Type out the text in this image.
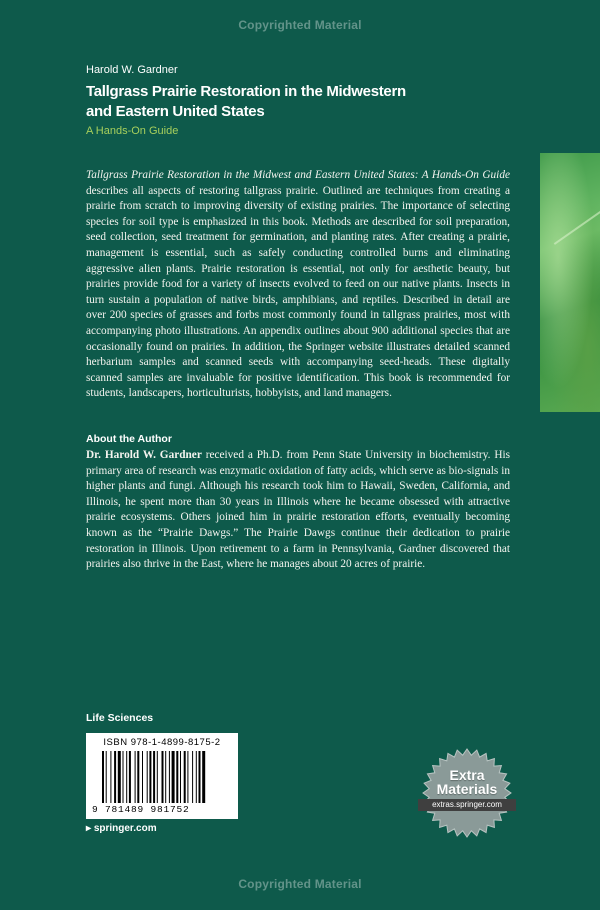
Copyrighted Material
Harold W. Gardner
Tallgrass Prairie Restoration in the Midwestern and Eastern United States
A Hands-On Guide
Tallgrass Prairie Restoration in the Midwest and Eastern United States: A Hands-On Guide describes all aspects of restoring tallgrass prairie. Outlined are techniques from creating a prairie from scratch to improving diversity of existing prairies. The importance of selecting species for soil type is emphasized in this book. Methods are described for soil preparation, seed collection, seed treatment for germination, and planting rates. After creating a prairie, management is essential, such as safely conducting controlled burns and eliminating aggressive alien plants. Prairie restoration is essential, not only for aesthetic beauty, but prairies provide food for a variety of insects evolved to feed on our native plants. Insects in turn sustain a population of native birds, amphibians, and reptiles. Described in detail are over 200 species of grasses and forbs most commonly found in tallgrass prairies, most with accompanying photo illustrations. An appendix outlines about 900 additional species that are occasionally found on prairies. In addition, the Springer website illustrates detailed scanned herbarium samples and scanned seeds with accompanying seed-heads. These digitally scanned samples are invaluable for positive identification. This book is recommended for students, landscapers, horticulturists, hobbyists, and land managers.
About the Author
Dr. Harold W. Gardner received a Ph.D. from Penn State University in biochemistry. His primary area of research was enzymatic oxidation of fatty acids, which serve as bio-signals in higher plants and fungi. Although his research took him to Hawaii, Sweden, California, and Illinois, he spent more than 30 years in Illinois where he became obsessed with attractive prairie ecosystems. Others joined him in prairie restoration efforts, eventually becoming known as the “Prairie Dawgs.” The Prairie Dawgs continue their dedication to prairie restoration in Illinois. Upon retirement to a farm in Pennsylvania, Gardner discovered that prairies also thrive in the East, where he manages about 20 acres of prairie.
Life Sciences
ISBN 978-1-4899-8175-2
9 781489 981752
▸ springer.com
Extra
Materials
extras.springer.com
Copyrighted Material
